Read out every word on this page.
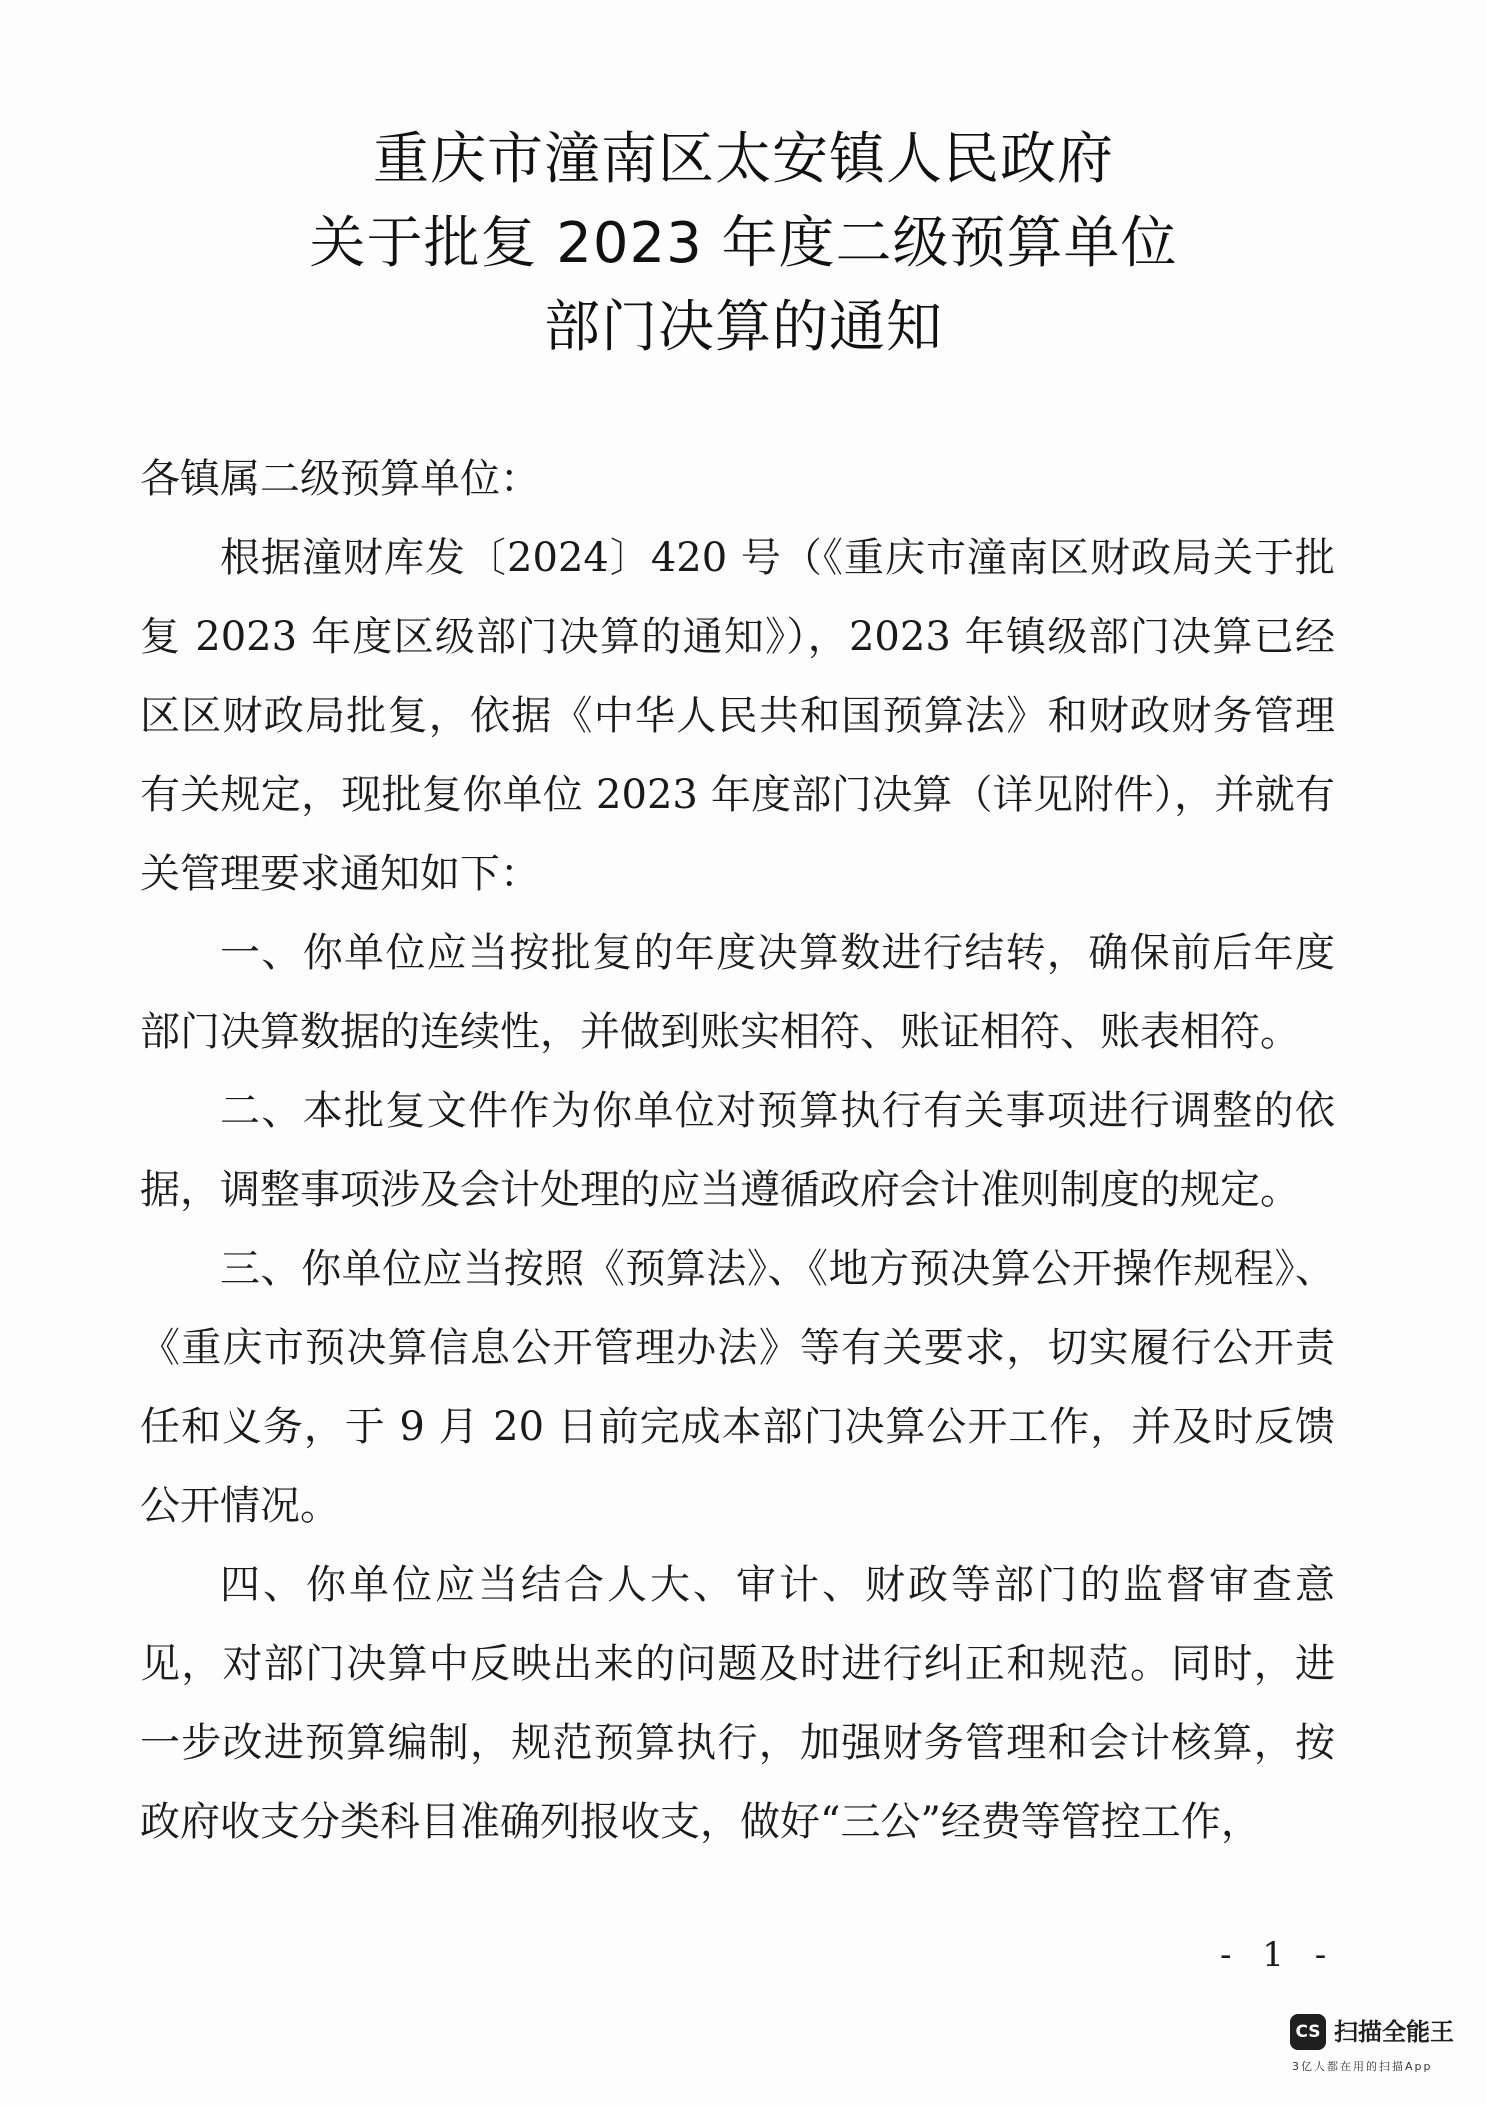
重庆市潼南区太安镇人民政府
关于批复 2023 年度二级预算单位
部门决算的通知

各镇属二级预算单位：

根据潼财库发〔2024〕420 号（《重庆市潼南区财政局关于批复 2023 年度区级部门决算的通知》），2023 年镇级部门决算已经区区财政局批复，依据《中华人民共和国预算法》和财政财务管理有关规定，现批复你单位 2023 年度部门决算（详见附件），并就有关管理要求通知如下：

一、你单位应当按批复的年度决算数进行结转，确保前后年度部门决算数据的连续性，并做到账实相符、账证相符、账表相符。

二、本批复文件作为你单位对预算执行有关事项进行调整的依据，调整事项涉及会计处理的应当遵循政府会计准则制度的规定。

三、你单位应当按照《预算法》、《地方预决算公开操作规程》、《重庆市预决算信息公开管理办法》等有关要求，切实履行公开责任和义务，于 9 月 20 日前完成本部门决算公开工作，并及时反馈公开情况。

四、你单位应当结合人大、审计、财政等部门的监督审查意见，对部门决算中反映出来的问题及时进行纠正和规范。同时，进一步改进预算编制，规范预算执行，加强财务管理和会计核算，按政府收支分类科目准确列报收支，做好“三公”经费等管控工作，

- 1 -
CS 扫描全能王
3亿人都在用的扫描App
